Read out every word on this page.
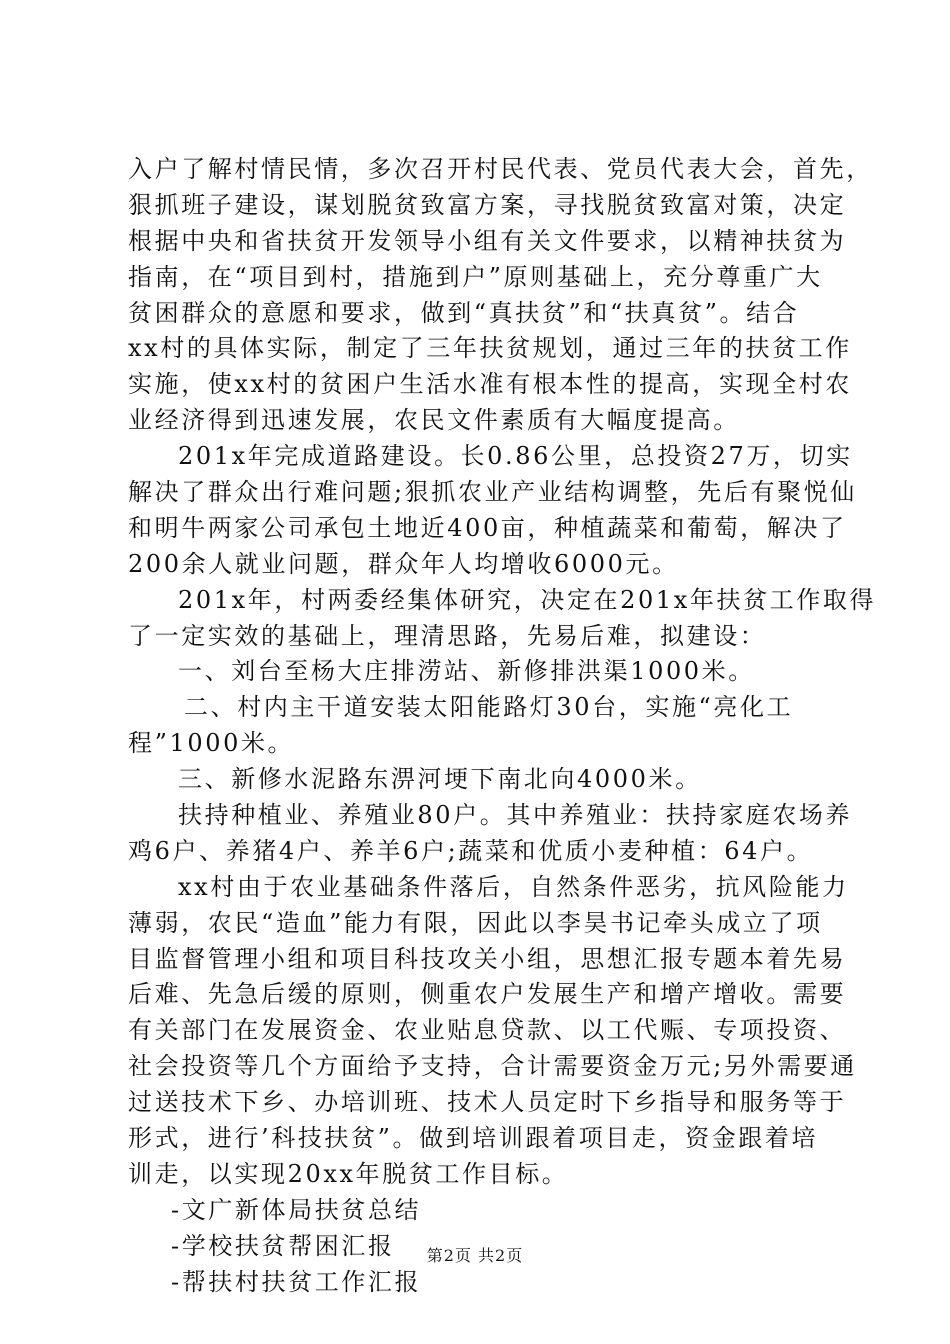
入户了解村情民情，多次召开村民代表、党员代表大会，首先，
狠抓班子建设，谋划脱贫致富方案，寻找脱贫致富对策，决定
根据中央和省扶贫开发领导小组有关文件要求，以精神扶贫为
指南，在“项目到村，措施到户”原则基础上，充分尊重广大
贫困群众的意愿和要求，做到“真扶贫”和“扶真贫”。结合
xx村的具体实际，制定了三年扶贫规划，通过三年的扶贫工作
实施，使xx村的贫困户生活水准有根本性的提高，实现全村农
业经济得到迅速发展，农民文件素质有大幅度提高。
201x年完成道路建设。长0.86公里，总投资27万，切实
解决了群众出行难问题;狠抓农业产业结构调整，先后有聚悦仙
和明牛两家公司承包土地近400亩，种植蔬菜和葡萄，解决了
200余人就业问题，群众年人均增收6000元。
201x年，村两委经集体研究，决定在201x年扶贫工作取得
了一定实效的基础上，理清思路，先易后难，拟建设：
一、刘台至杨大庄排涝站、新修排洪渠1000米。
二、村内主干道安装太阳能路灯30台，实施“亮化工
程”1000米。
三、新修水泥路东淠河埂下南北向4000米。
扶持种植业、养殖业80户。其中养殖业：扶持家庭农场养
鸡6户、养猪4户、养羊6户;蔬菜和优质小麦种植：64户。
xx村由于农业基础条件落后，自然条件恶劣，抗风险能力
薄弱，农民“造血”能力有限，因此以李昊书记牵头成立了项
目监督管理小组和项目科技攻关小组，思想汇报专题本着先易
后难、先急后缓的原则，侧重农户发展生产和增产增收。需要
有关部门在发展资金、农业贴息贷款、以工代赈、专项投资、
社会投资等几个方面给予支持，合计需要资金万元;另外需要通
过送技术下乡、办培训班、技术人员定时下乡指导和服务等于
形式，进行’科技扶贫”。做到培训跟着项目走，资金跟着培
训走，以实现20xx年脱贫工作目标。
-文广新体局扶贫总结
-学校扶贫帮困汇报
-帮扶村扶贫工作汇报
第2页 共2页
